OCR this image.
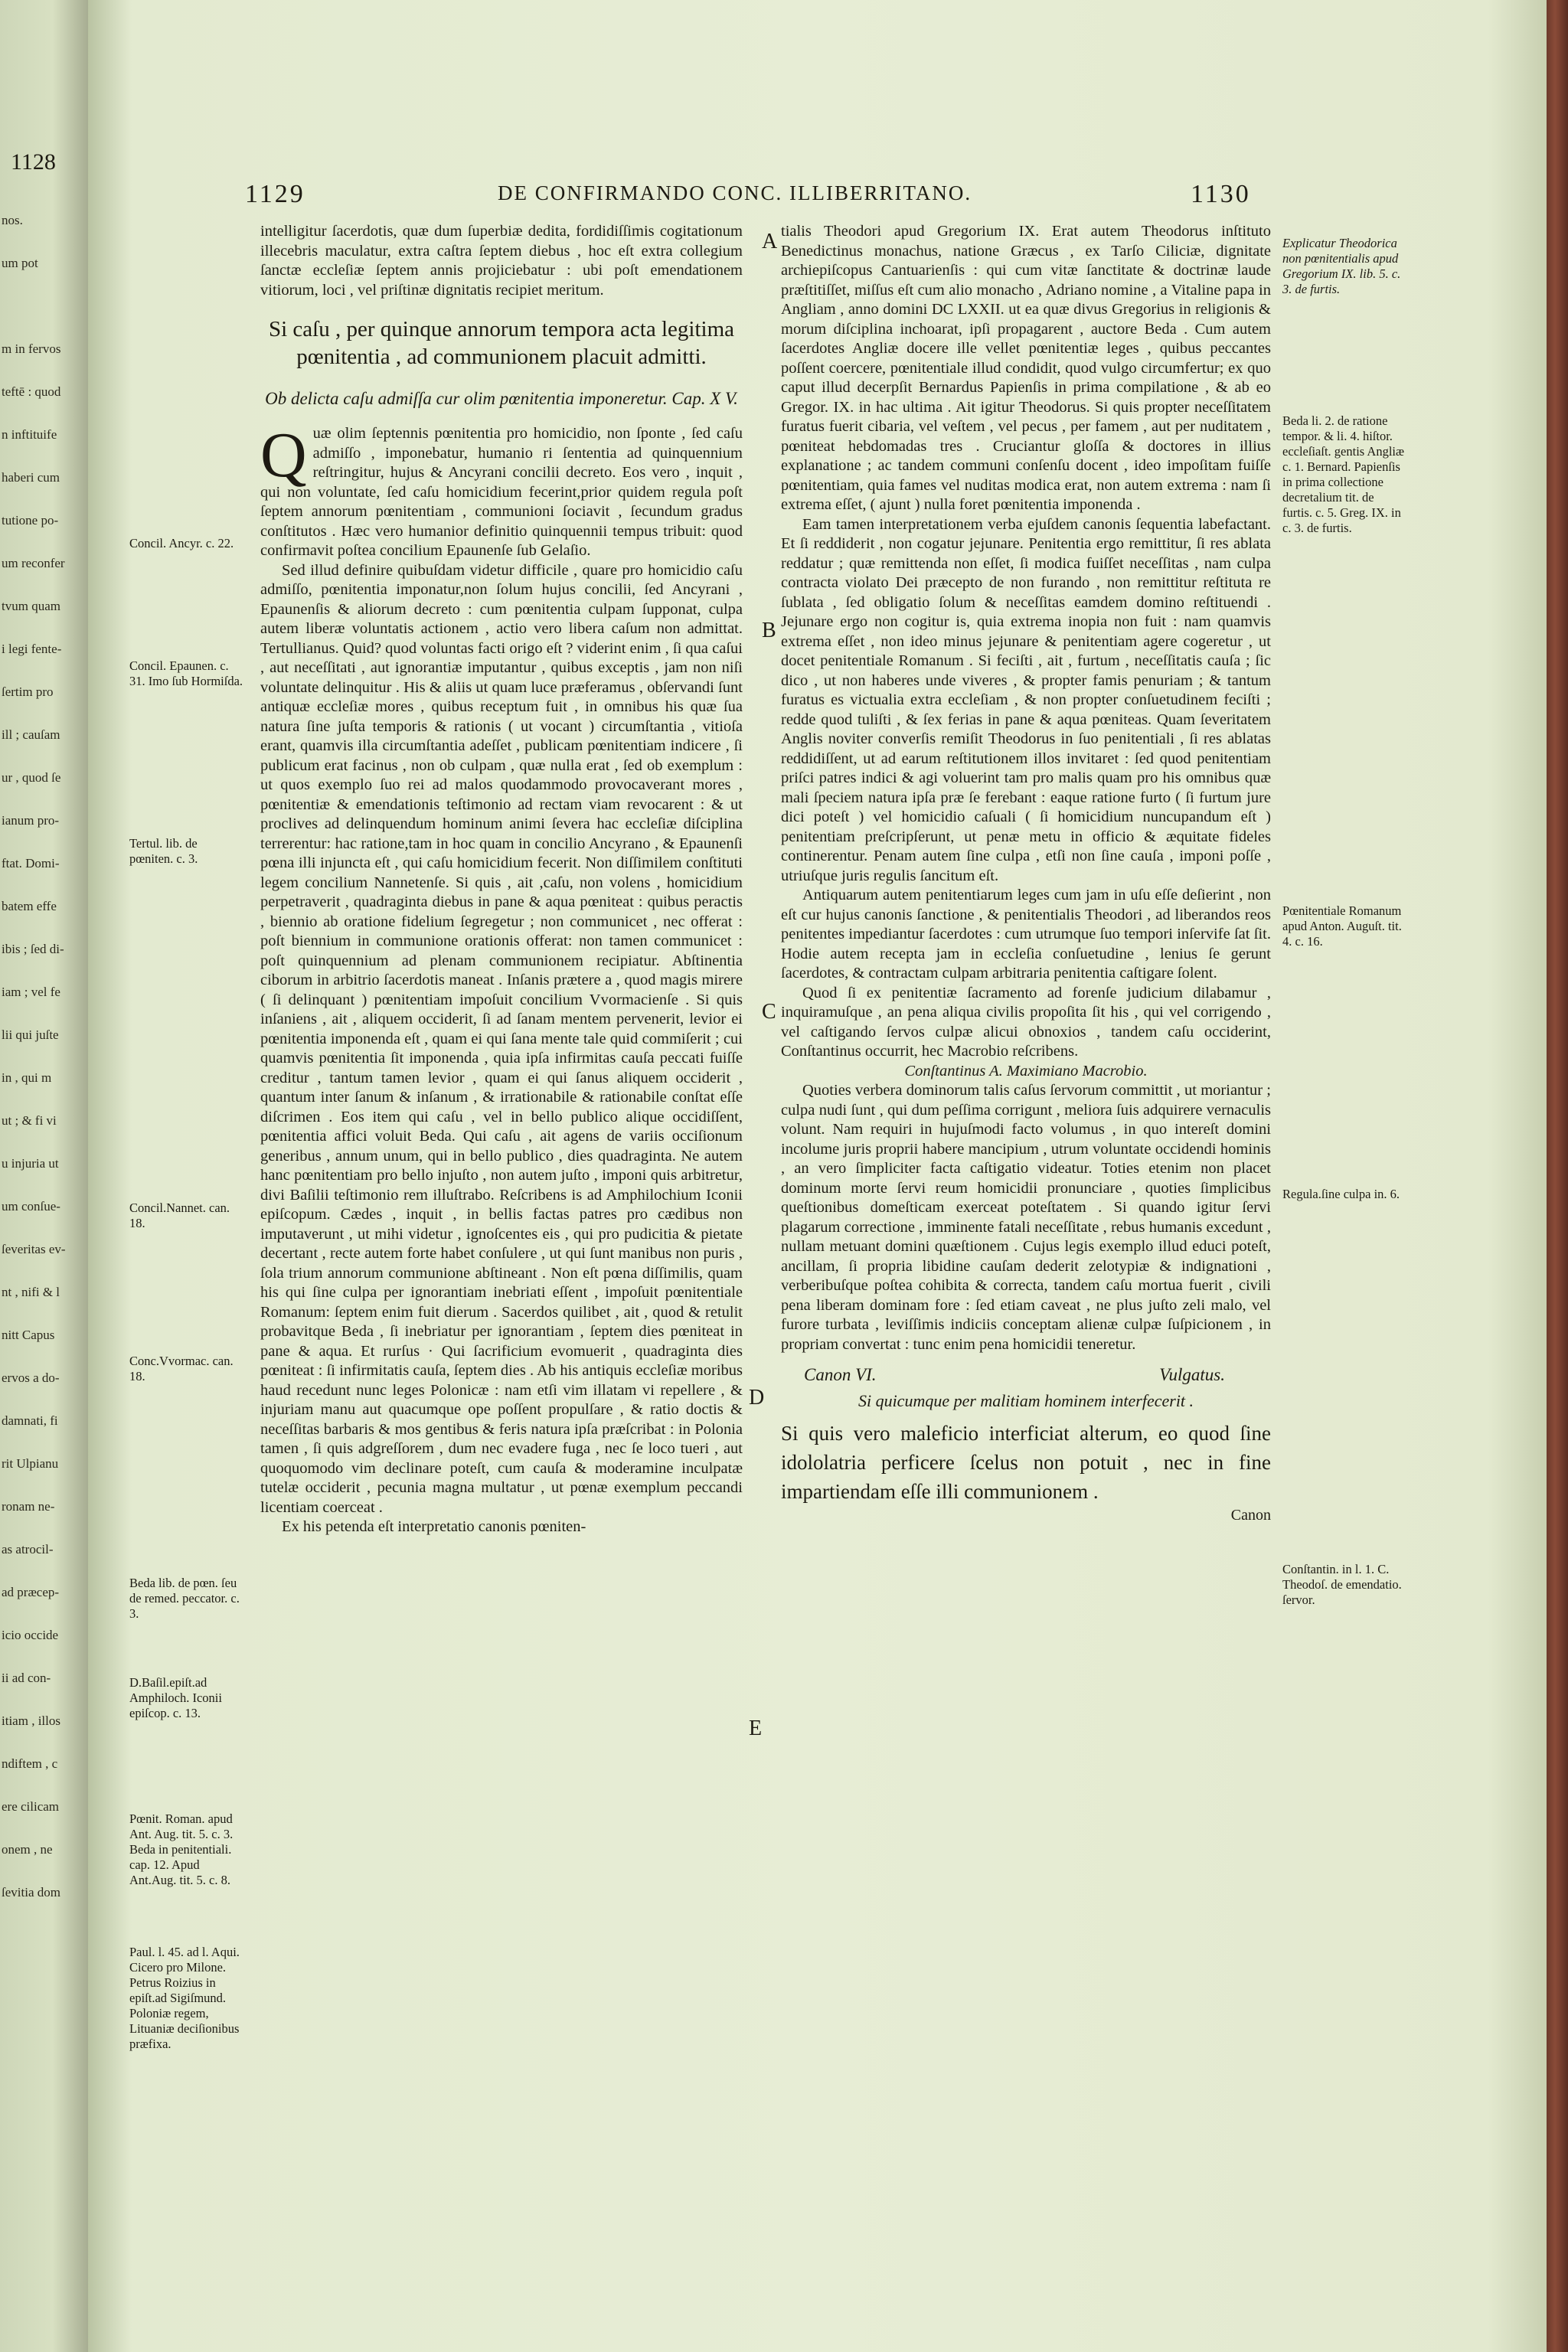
1128
nos.
um pot
m in fervos
teftē : quod
n inftituife
haberi cum
tutione po-
um reconfer
tvum quam
i legi fente-
ſertim pro
ill ; cauſam
ur , quod ſe
ianum pro-
ftat. Domi-
batem effe
ibis ; ſed di-
iam ; vel fe
lii qui juſte
in , qui m
ut ; & fi vi
u injuria ut
um conſue-
ſeveritas ev-
nt , nifi & l
nitt Capus
ervos a do-
damnati, fi
rit Ulpianu
ronam ne-
as atrocil-
ad præcep-
icio occide
ii ad con-
itiam , illos
ndiftem , c
ere cilicam
onem , ne
ſevitia dom
1129	DE CONFIRMANDO CONC. ILLIBERRITANO.	1130
A
B
C
D
E

intelligitur ſacerdotis, quæ dum ſuperbiæ dedita, fordidiſſimis cogitationum illecebris maculatur, extra caſtra ſeptem diebus , hoc eſt extra collegium ſanctæ eccleſiæ ſeptem annis projiciebatur : ubi poſt emendationem vitiorum, loci , vel priſtinæ dignitatis recipiet meritum.

Si caſu , per quinque annorum tempora acta legitima pœnitentia , ad communionem placuit admitti.

Ob delicta caſu admiſſa cur olim pœnitentia imponeretur. Cap. X V.

Quæ olim ſeptennis pœnitentia pro homicidio, non ſponte , ſed caſu admiſſo , imponebatur, humanio ri ſententia ad quinquennium reſtringitur, hujus & Ancyrani concilii decreto. Eos vero , inquit , qui non voluntate, ſed caſu homicidium fecerint,prior quidem regula poſt ſeptem annorum pœnitentiam , communioni ſociavit , ſecundum gradus conſtitutos . Hæc vero humanior definitio quinquennii tempus tribuit: quod confirmavit poſtea concilium Epaunenſe ſub Gelaſio.

Sed illud definire quibuſdam videtur difficile , quare pro homicidio caſu admiſſo, pœnitentia imponatur,non ſolum hujus concilii, ſed Ancyrani , Epaunenſis & aliorum decreto : cum pœnitentia culpam ſupponat, culpa autem liberæ voluntatis actionem , actio vero libera caſum non admittat. Tertullianus. Quid? quod voluntas facti origo eſt ? viderint enim , ſi qua caſui , aut neceſſitati , aut ignorantiæ imputantur , quibus exceptis , jam non niſi voluntate delinquitur . His & aliis ut quam luce præferamus , obſervandi ſunt antiquæ eccleſiæ mores , quibus receptum fuit , in omnibus his quæ ſua natura ſine juſta temporis & rationis ( ut vocant ) circumſtantia , vitioſa erant, quamvis illa circumſtantia adeſſet , publicam pœnitentiam indicere , ſi publicum erat facinus , non ob culpam , quæ nulla erat , ſed ob exemplum : ut quos exemplo ſuo rei ad malos quodammodo provocaverant mores , pœnitentiæ & emendationis teſtimonio ad rectam viam revocarent : & ut proclives ad delinquendum hominum animi ſevera hac eccleſiæ diſciplina terrerentur: hac ratione,tam in hoc quam in concilio Ancyrano , & Epaunenſi pœna illi injuncta eſt , qui caſu homicidium fecerit. Non diſſimilem conſtituti legem concilium Nannetenſe. Si quis , ait ,caſu, non volens , homicidium perpetraverit , quadraginta diebus in pane & aqua pœniteat : quibus peractis , biennio ab oratione fidelium ſegregetur ; non communicet , nec offerat : poſt biennium in communione orationis offerat: non tamen communicet : poſt quinquennium ad plenam communionem recipiatur. Abſtinentia ciborum in arbitrio ſacerdotis maneat . Inſanis prætere a , quod magis mirere ( ſi delinquant ) pœnitentiam impoſuit concilium Vvormacienſe . Si quis inſaniens , ait , aliquem occiderit, ſi ad ſanam mentem pervenerit, levior ei pœnitentia imponenda eſt , quam ei qui ſana mente tale quid commiſerit ; cui quamvis pœnitentia ſit imponenda , quia ipſa infirmitas cauſa peccati fuiſſe creditur , tantum tamen levior , quam ei qui ſanus aliquem occiderit , quantum inter ſanum & inſanum , & irrationabile & rationabile conſtat eſſe diſcrimen . Eos item qui caſu , vel in bello publico alique occidiſſent, pœnitentia affici voluit Beda. Qui caſu , ait agens de variis occiſionum generibus , annum unum, qui in bello publico , dies quadraginta. Ne autem hanc pœnitentiam pro bello injuſto , non autem juſto , imponi quis arbitretur, divi Baſilii teſtimonio rem illuſtrabo. Reſcribens is ad Amphilochium Iconii epiſcopum. Cædes , inquit , in bellis factas patres pro cædibus non imputaverunt , ut mihi videtur , ignoſcentes eis , qui pro pudicitia & pietate decertant , recte autem forte habet conſulere , ut qui ſunt manibus non puris , ſola trium annorum communione abſtineant . Non eſt pœna diſſimilis, quam his qui ſine culpa per ignorantiam inebriati eſſent , impoſuit pœnitentiale Romanum: ſeptem enim fuit dierum . Sacerdos quilibet , ait , quod & retulit probavitque Beda , ſi inebriatur per ignorantiam , ſeptem dies pœniteat in pane & aqua. Et rurſus · Qui ſacrificium evomuerit , quadraginta dies pœniteat : ſi infirmitatis cauſa, ſeptem dies . Ab his antiquis eccleſiæ moribus haud recedunt nunc leges Polonicæ : nam etſi vim illatam vi repellere , & injuriam manu aut quacumque ope poſſent propulſare , & ratio doctis & neceſſitas barbaris & mos gentibus & feris natura ipſa præſcribat : in Polonia tamen , ſi quis adgreſſorem , dum nec evadere fuga , nec ſe loco tueri , aut quoquomodo vim declinare poteſt, cum cauſa & moderamine inculpatæ tutelæ occiderit , pecunia magna multatur , ut pœnæ exemplum peccandi licentiam coerceat .

Ex his petenda eſt interpretatio canonis pœniten-

tialis Theodori apud Gregorium IX. Erat autem Theodorus inſtituto Benedictinus monachus, natione Græcus , ex Tarſo Ciliciæ, dignitate archiepiſcopus Cantuarienſis : qui cum vitæ ſanctitate & doctrinæ laude præſtitiſſet, miſſus eſt cum alio monacho , Adriano nomine , a Vitaline papa in Angliam , anno domini DC LXXII. ut ea quæ divus Gregorius in religionis & morum diſciplina inchoarat, ipſi propagarent , auctore Beda . Cum autem ſacerdotes Angliæ docere ille vellet pœnitentiæ leges , quibus peccantes poſſent coercere, pœnitentiale illud condidit, quod vulgo circumfertur; ex quo caput illud decerpſit Bernardus Papienſis in prima compilatione , & ab eo Gregor. IX. in hac ultima . Ait igitur Theodorus. Si quis propter neceſſitatem furatus fuerit cibaria, vel veſtem , vel pecus , per famem , aut per nuditatem , pœniteat hebdomadas tres . Cruciantur gloſſa & doctores in illius explanatione ; ac tandem communi conſenſu docent , ideo impoſitam fuiſſe pœnitentiam, quia fames vel nuditas modica erat, non autem extrema : nam ſi extrema eſſet, ( ajunt ) nulla foret pœnitentia imponenda .

Eam tamen interpretationem verba ejuſdem canonis ſequentia labefactant. Et ſi reddiderit , non cogatur jejunare. Penitentia ergo remittitur, ſi res ablata reddatur ; quæ remittenda non eſſet, ſi modica fuiſſet neceſſitas , nam culpa contracta violato Dei præcepto de non furando , non remittitur reſtituta re ſublata , ſed obligatio ſolum & neceſſitas eamdem domino reſtituendi . Jejunare ergo non cogitur is, quia extrema inopia non fuit : nam quamvis extrema eſſet , non ideo minus jejunare & penitentiam agere cogeretur , ut docet penitentiale Romanum . Si feciſti , ait , furtum , neceſſitatis cauſa ; ſic dico , ut non haberes unde viveres , & propter famis penuriam ; & tantum furatus es victualia extra eccleſiam , & non propter conſuetudinem feciſti ; redde quod tuliſti , & ſex ferias in pane & aqua pœniteas. Quam ſeveritatem Anglis noviter converſis remiſit Theodorus in ſuo penitentiali , ſi res ablatas reddidiſſent, ut ad earum reſtitutionem illos invitaret : ſed quod penitentiam priſci patres indici & agi voluerint tam pro malis quam pro his omnibus quæ mali ſpeciem natura ipſa præ ſe ferebant : eaque ratione furto ( ſi furtum jure dici poteſt ) vel homicidio caſuali ( ſi homicidium nuncupandum eſt ) penitentiam preſcripſerunt, ut penæ metu in officio & æquitate fideles continerentur. Penam autem ſine culpa , etſi non ſine cauſa , imponi poſſe , utriuſque juris regulis ſancitum eſt.

Antiquarum autem penitentiarum leges cum jam in uſu eſſe deſierint , non eſt cur hujus canonis ſanctione , & penitentialis Theodori , ad liberandos reos penitentes impediantur ſacerdotes : cum utrumque ſuo tempori inſervife ſat ſit. Hodie autem recepta jam in eccleſia conſuetudine , lenius ſe gerunt ſacerdotes, & contractam culpam arbitraria penitentia caſtigare ſolent.

Quod ſi ex penitentiæ ſacramento ad forenſe judicium dilabamur , inquiramuſque , an pena aliqua civilis propoſita ſit his , qui vel corrigendo , vel caſtigando ſervos culpæ alicui obnoxios , tandem caſu occiderint, Conſtantinus occurrit, hec Macrobio reſcribens.

Conſtantinus A. Maximiano Macrobio.

Quoties verbera dominorum talis caſus ſervorum committit , ut moriantur ; culpa nudi ſunt , qui dum peſſima corrigunt , meliora ſuis adquirere vernaculis volunt. Nam requiri in hujuſmodi facto volumus , in quo intereſt domini incolume juris proprii habere mancipium , utrum voluntate occidendi hominis , an vero ſimpliciter facta caſtigatio videatur. Toties etenim non placet dominum morte ſervi reum homicidii pronunciare , quoties ſimplicibus queſtionibus domeſticam exerceat poteſtatem . Si quando igitur ſervi plagarum correctione , imminente fatali neceſſitate , rebus humanis excedunt , nullam metuant domini quæſtionem . Cujus legis exemplo illud educi poteſt, ancillam, ſi propria libidine cauſam dederit zelotypiæ & indignationi , verberibuſque poſtea cohibita & correcta, tandem caſu mortua fuerit , civili pena liberam dominam fore : ſed etiam caveat , ne plus juſto zeli malo, vel furore turbata , leviſſimis indiciis conceptam alienæ culpæ ſuſpicionem , in propriam convertat : tunc enim pena homicidii teneretur.

Canon VI.	Vulgatus.

Si quicumque per malitiam hominem interfecerit .

Si quis vero maleficio interficiat alterum, eo quod ſine idololatria perficere ſcelus non potuit , nec in fine impartiendam eſſe illi communionem .

Canon

Concil. Ancyr. c. 22.
Concil. Epaunen. c. 31. Imo ſub Hormiſda.
Tertul. lib. de pœniten. c. 3.
Concil.Nannet. can. 18.
Conc.Vvormac. can. 18.
Beda lib. de pœn. ſeu de remed. peccator. c. 3.
D.Baſil.epiſt.ad Amphiloch. Iconii epiſcop. c. 13.
Pœnit. Roman. apud Ant. Aug. tit. 5. c. 3. Beda in penitentiali. cap. 12. Apud Ant.Aug. tit. 5. c. 8.
Paul. l. 45. ad l. Aqui. Cicero pro Milone. Petrus Roizius in epiſt.ad Sigiſmund. Poloniæ regem, Lituaniæ deciſionibus præfixa.
Explicatur Theodorica non pœnitentialis apud Gregorium IX. lib. 5. c. 3. de furtis.
Beda li. 2. de ratione tempor. & li. 4. hiſtor. eccleſiaſt. gentis Angliæ c. 1. Bernard. Papienſis in prima collectione decretalium tit. de furtis. c. 5. Greg. IX. in c. 3. de furtis.
Pœnitentiale Romanum apud Anton. Auguſt. tit. 4. c. 16.
Regula.ſine culpa in. 6.
Conſtantin. in l. 1. C. Theodoſ. de emendatio. ſervor.
